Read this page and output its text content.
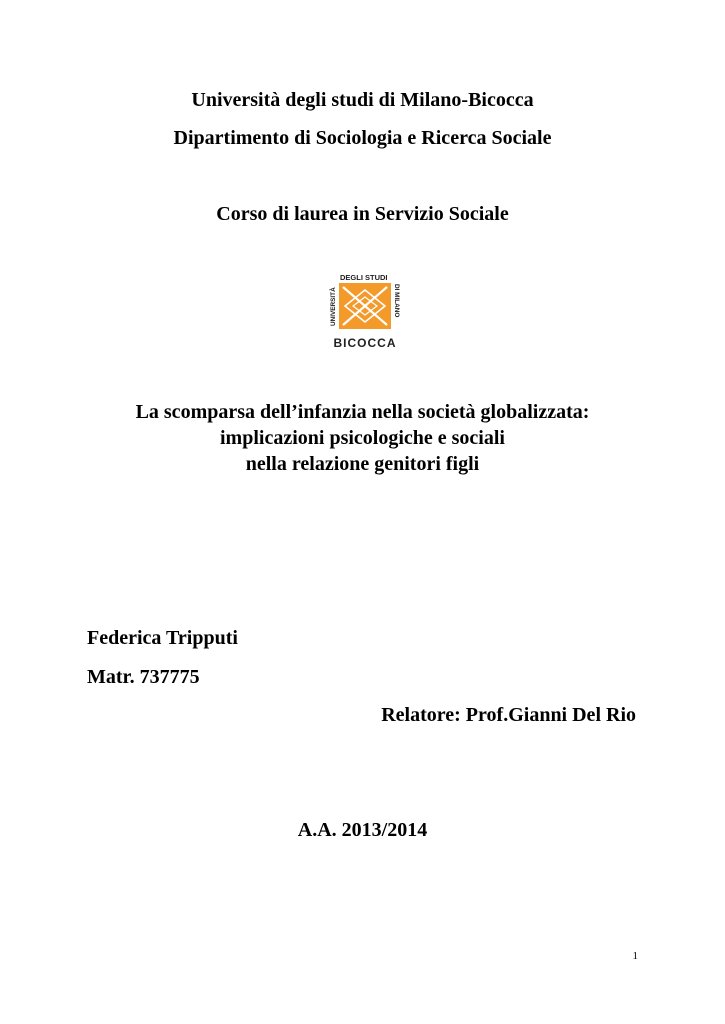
Università degli studi di Milano-Bicocca
Dipartimento di Sociologia e Ricerca Sociale
Corso di laurea in Servizio Sociale
UNIVERSITÀ
DEGLI STUDI
DI MILANO
BICOCCA
La scomparsa dell’infanzia nella società globalizzata:
implicazioni psicologiche e sociali
nella relazione genitori figli
Federica Tripputi
Matr. 737775
Relatore: Prof.Gianni Del Rio
A.A. 2013/2014
1
